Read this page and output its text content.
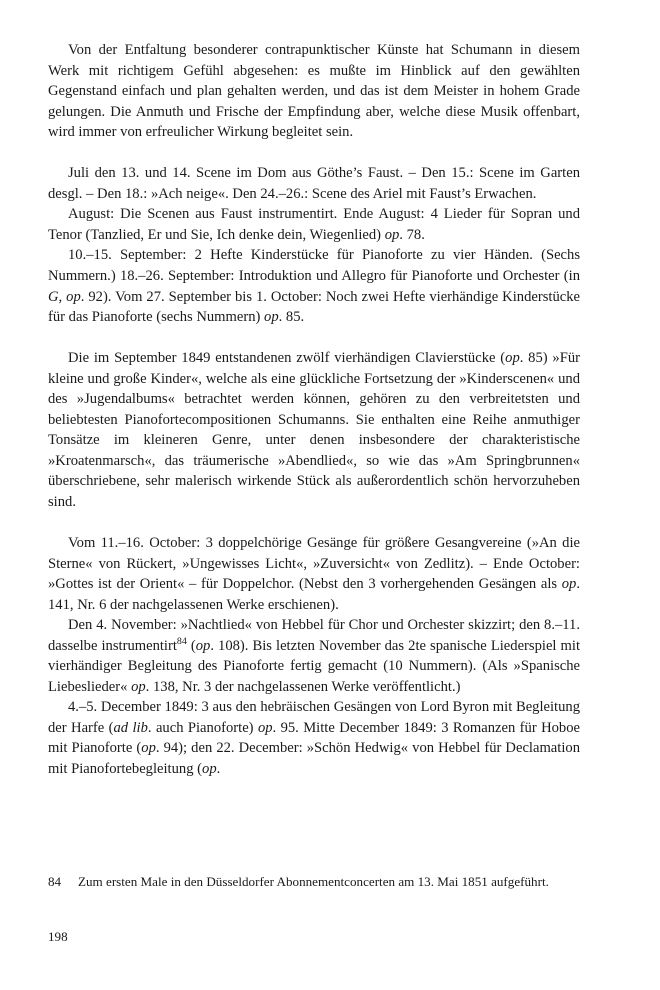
Von der Entfaltung besonderer contrapunktischer Künste hat Schumann in diesem Werk mit richtigem Gefühl abgesehen: es mußte im Hinblick auf den gewählten Gegenstand einfach und plan gehalten werden, und das ist dem Meister in hohem Grade gelungen. Die Anmuth und Frische der Empfindung aber, welche diese Musik offenbart, wird immer von erfreulicher Wirkung begleitet sein.

Juli den 13. und 14. Scene im Dom aus Göthe’s Faust. – Den 15.: Scene im Garten desgl. – Den 18.: »Ach neige«. Den 24.–26.: Scene des Ariel mit Faust’s Erwachen.

August: Die Scenen aus Faust instrumentirt. Ende August: 4 Lieder für Sopran und Tenor (Tanzlied, Er und Sie, Ich denke dein, Wiegenlied) op. 78.

10.–15. September: 2 Hefte Kinderstücke für Pianoforte zu vier Händen. (Sechs Nummern.) 18.–26. September: Introduktion und Allegro für Pianoforte und Orchester (in G, op. 92). Vom 27. September bis 1. October: Noch zwei Hefte vierhändige Kinderstücke für das Pianoforte (sechs Nummern) op. 85.

Die im September 1849 entstandenen zwölf vierhändigen Clavierstücke (op. 85) »Für kleine und große Kinder«, welche als eine glückliche Fortsetzung der »Kinderscenen« und des »Jugendalbums« betrachtet werden können, gehören zu den verbreitetsten und beliebtesten Pianofortecompositionen Schumanns. Sie enthalten eine Reihe anmuthiger Tonsätze im kleineren Genre, unter denen insbesondere der charakteristische »Kroatenmarsch«, das träumerische »Abendlied«, so wie das »Am Springbrunnen« überschriebene, sehr malerisch wirkende Stück als außerordentlich schön hervorzuheben sind.

Vom 11.–16. October: 3 doppelchörige Gesänge für größere Gesangvereine (»An die Sterne« von Rückert, »Ungewisses Licht«, »Zuversicht« von Zedlitz). – Ende October: »Gottes ist der Orient« – für Doppelchor. (Nebst den 3 vorhergehenden Gesängen als op. 141, Nr. 6 der nachgelassenen Werke erschienen).

Den 4. November: »Nachtlied« von Hebbel für Chor und Orchester skizzirt; den 8.–11. dasselbe instrumentirt$^{84}$ (op. 108). Bis letzten November das 2te spanische Liederspiel mit vierhändiger Begleitung des Pianoforte fertig gemacht (10 Nummern). (Als »Spanische Liebeslieder« op. 138, Nr. 3 der nachgelassenen Werke veröffentlicht.)

4.–5. December 1849: 3 aus den hebräischen Gesängen von Lord Byron mit Begleitung der Harfe (ad lib. auch Pianoforte) op. 95. Mitte December 1849: 3 Romanzen für Hoboe mit Pianoforte (op. 94); den 22. December: »Schön Hedwig« von Hebbel für Declamation mit Pianofortebegleitung (op.

84 Zum ersten Male in den Düsseldorfer Abonnementconcerten am 13. Mai 1851 aufgeführt.
198
